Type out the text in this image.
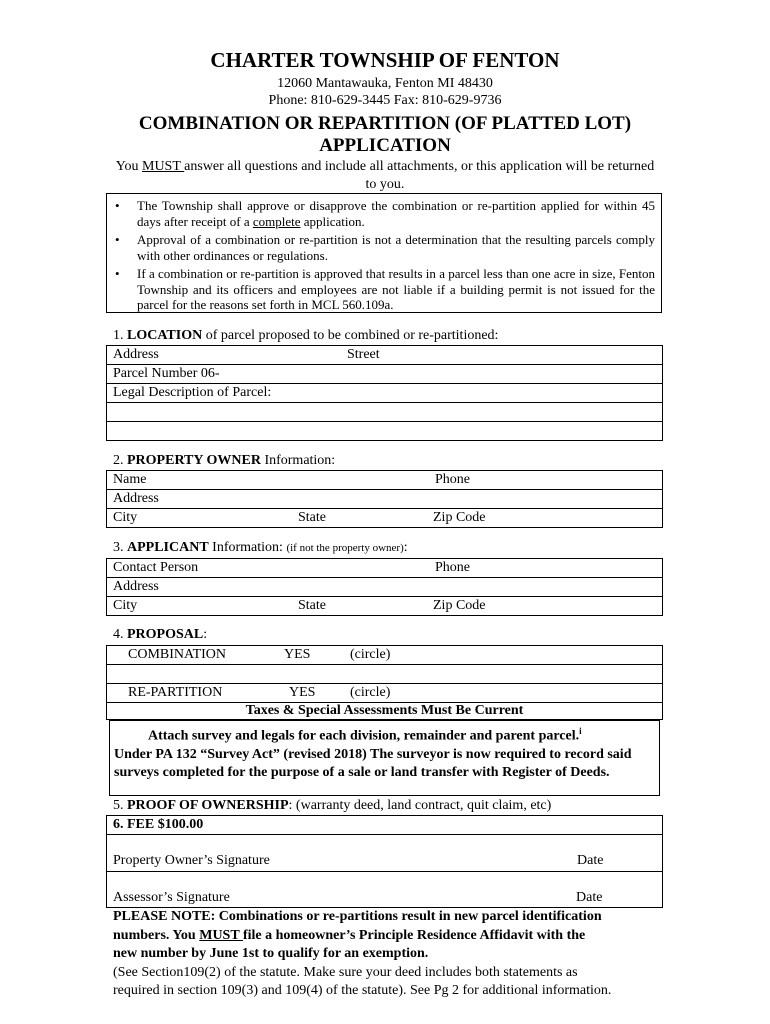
CHARTER TOWNSHIP OF FENTON
12060 Mantawauka, Fenton MI 48430
Phone: 810-629-3445 Fax: 810-629-9736
COMBINATION OR REPARTITION (OF PLATTED LOT)
APPLICATION
You MUST answer all questions and include all attachments, or this application will be returned to you.
• The Township shall approve or disapprove the combination or re-partition applied for within 45 days after receipt of a complete application.
• Approval of a combination or re-partition is not a determination that the resulting parcels comply with other ordinances or regulations.
• If a combination or re-partition is approved that results in a parcel less than one acre in size, Fenton Township and its officers and employees are not liable if a building permit is not issued for the parcel for the reasons set forth in MCL 560.109a.
1. LOCATION of parcel proposed to be combined or re-partitioned:
Address	Street
Parcel Number 06-
Legal Description of Parcel:
2. PROPERTY OWNER Information:
Name	Phone
Address
City	State	Zip Code
3. APPLICANT Information: (if not the property owner):
Contact Person	Phone
Address
City	State	Zip Code
4. PROPOSAL:
COMBINATION	YES	(circle)
RE-PARTITION	YES (circle)
Taxes & Special Assessments Must Be Current
Attach survey and legals for each division, remainder and parent parcel.$^i$
Under PA 132 “Survey Act” (revised 2018) The surveyor is now required to record said surveys completed for the purpose of a sale or land transfer with Register of Deeds.
5. PROOF OF OWNERSHIP: (warranty deed, land contract, quit claim, etc)
6. FEE $100.00
Property Owner’s Signature	Date
Assessor’s Signature	Date
PLEASE NOTE: Combinations or re-partitions result in new parcel identification
numbers. You MUST file a homeowner’s Principle Residence Affidavit with the
new number by June 1st to qualify for an exemption.
(See Section109(2) of the statute. Make sure your deed includes both statements as
required in section 109(3) and 109(4) of the statute). See Pg 2 for additional information.
